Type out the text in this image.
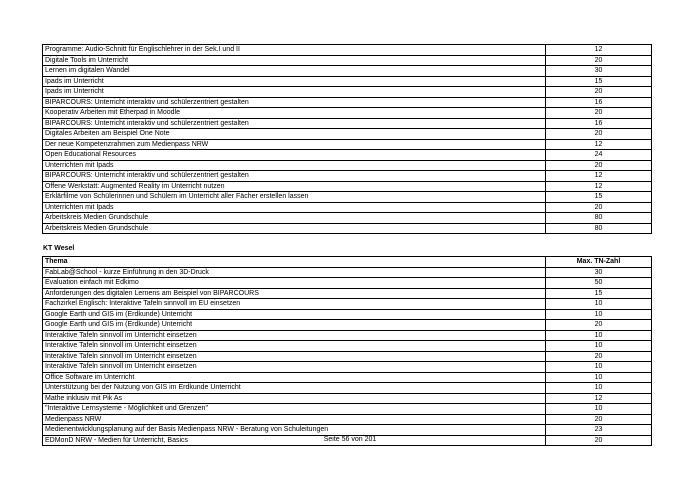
Programme: Audio-Schnitt für Englischlehrer in der Sek.I und II	12
Digitale Tools im Unterricht	20
Lernen im digitalen Wandel	30
Ipads im Unterricht	15
Ipads im Unterricht	20
BIPARCOURS: Unterricht interaktiv und schülerzentriert gestalten	16
Kooperativ Arbeiten mit Etherpad in Moodle	20
BIPARCOURS: Unterricht interaktiv und schülerzentriert gestalten	16
Digitales Arbeiten am Beispiel One Note	20
Der neue Kompetenzrahmen zum Medienpass NRW	12
Open Educational Resources	24
Unterrichten mit Ipads	20
BIPARCOURS: Unterricht interaktiv und schülerzentriert gestalten	12
Offene Werkstatt: Augmented Reality im Unterricht nutzen	12
Erklärfilme von Schülerinnen und Schülern im Unterricht aller Fächer erstellen lassen	15
Unterrichten mit Ipads	20
Arbeitskreis Medien Grundschule	80
Arbeitskreis Medien Grundschule	80
KT Wesel
Thema	Max. TN-Zahl
FabLab@School - kurze Einführung in den 3D-Druck	30
Evaluation einfach mit Edkimo	50
Anforderungen des digitalen Lernens am Beispiel von BIPARCOURS	15
Fachzirkel Englisch: Interaktive Tafeln sinnvoll im EU einsetzen	10
Google Earth und GIS im (Erdkunde) Unterricht	10
Google Earth und GIS im (Erdkunde) Unterricht	20
Interaktive Tafeln sinnvoll im Unterricht einsetzen	10
Interaktive Tafeln sinnvoll im Unterricht einsetzen	10
Interaktive Tafeln sinnvoll im Unterricht einsetzen	20
Interaktive Tafeln sinnvoll im Unterricht einsetzen	10
Office Software im Unterricht	10
Unterstützung bei der Nutzung von GIS im Erdkunde Unterricht	10
Mathe inklusiv mit Pik As	12
"Interaktive Lernsysteme - Möglichkeit und Grenzen"	10
Medienpass NRW	20
Medienentwicklungsplanung auf der Basis Medienpass NRW - Beratung von Schuleitungen	23
EDMonD NRW - Medien für Unterricht, Basics	20
Seite 56 von 201
